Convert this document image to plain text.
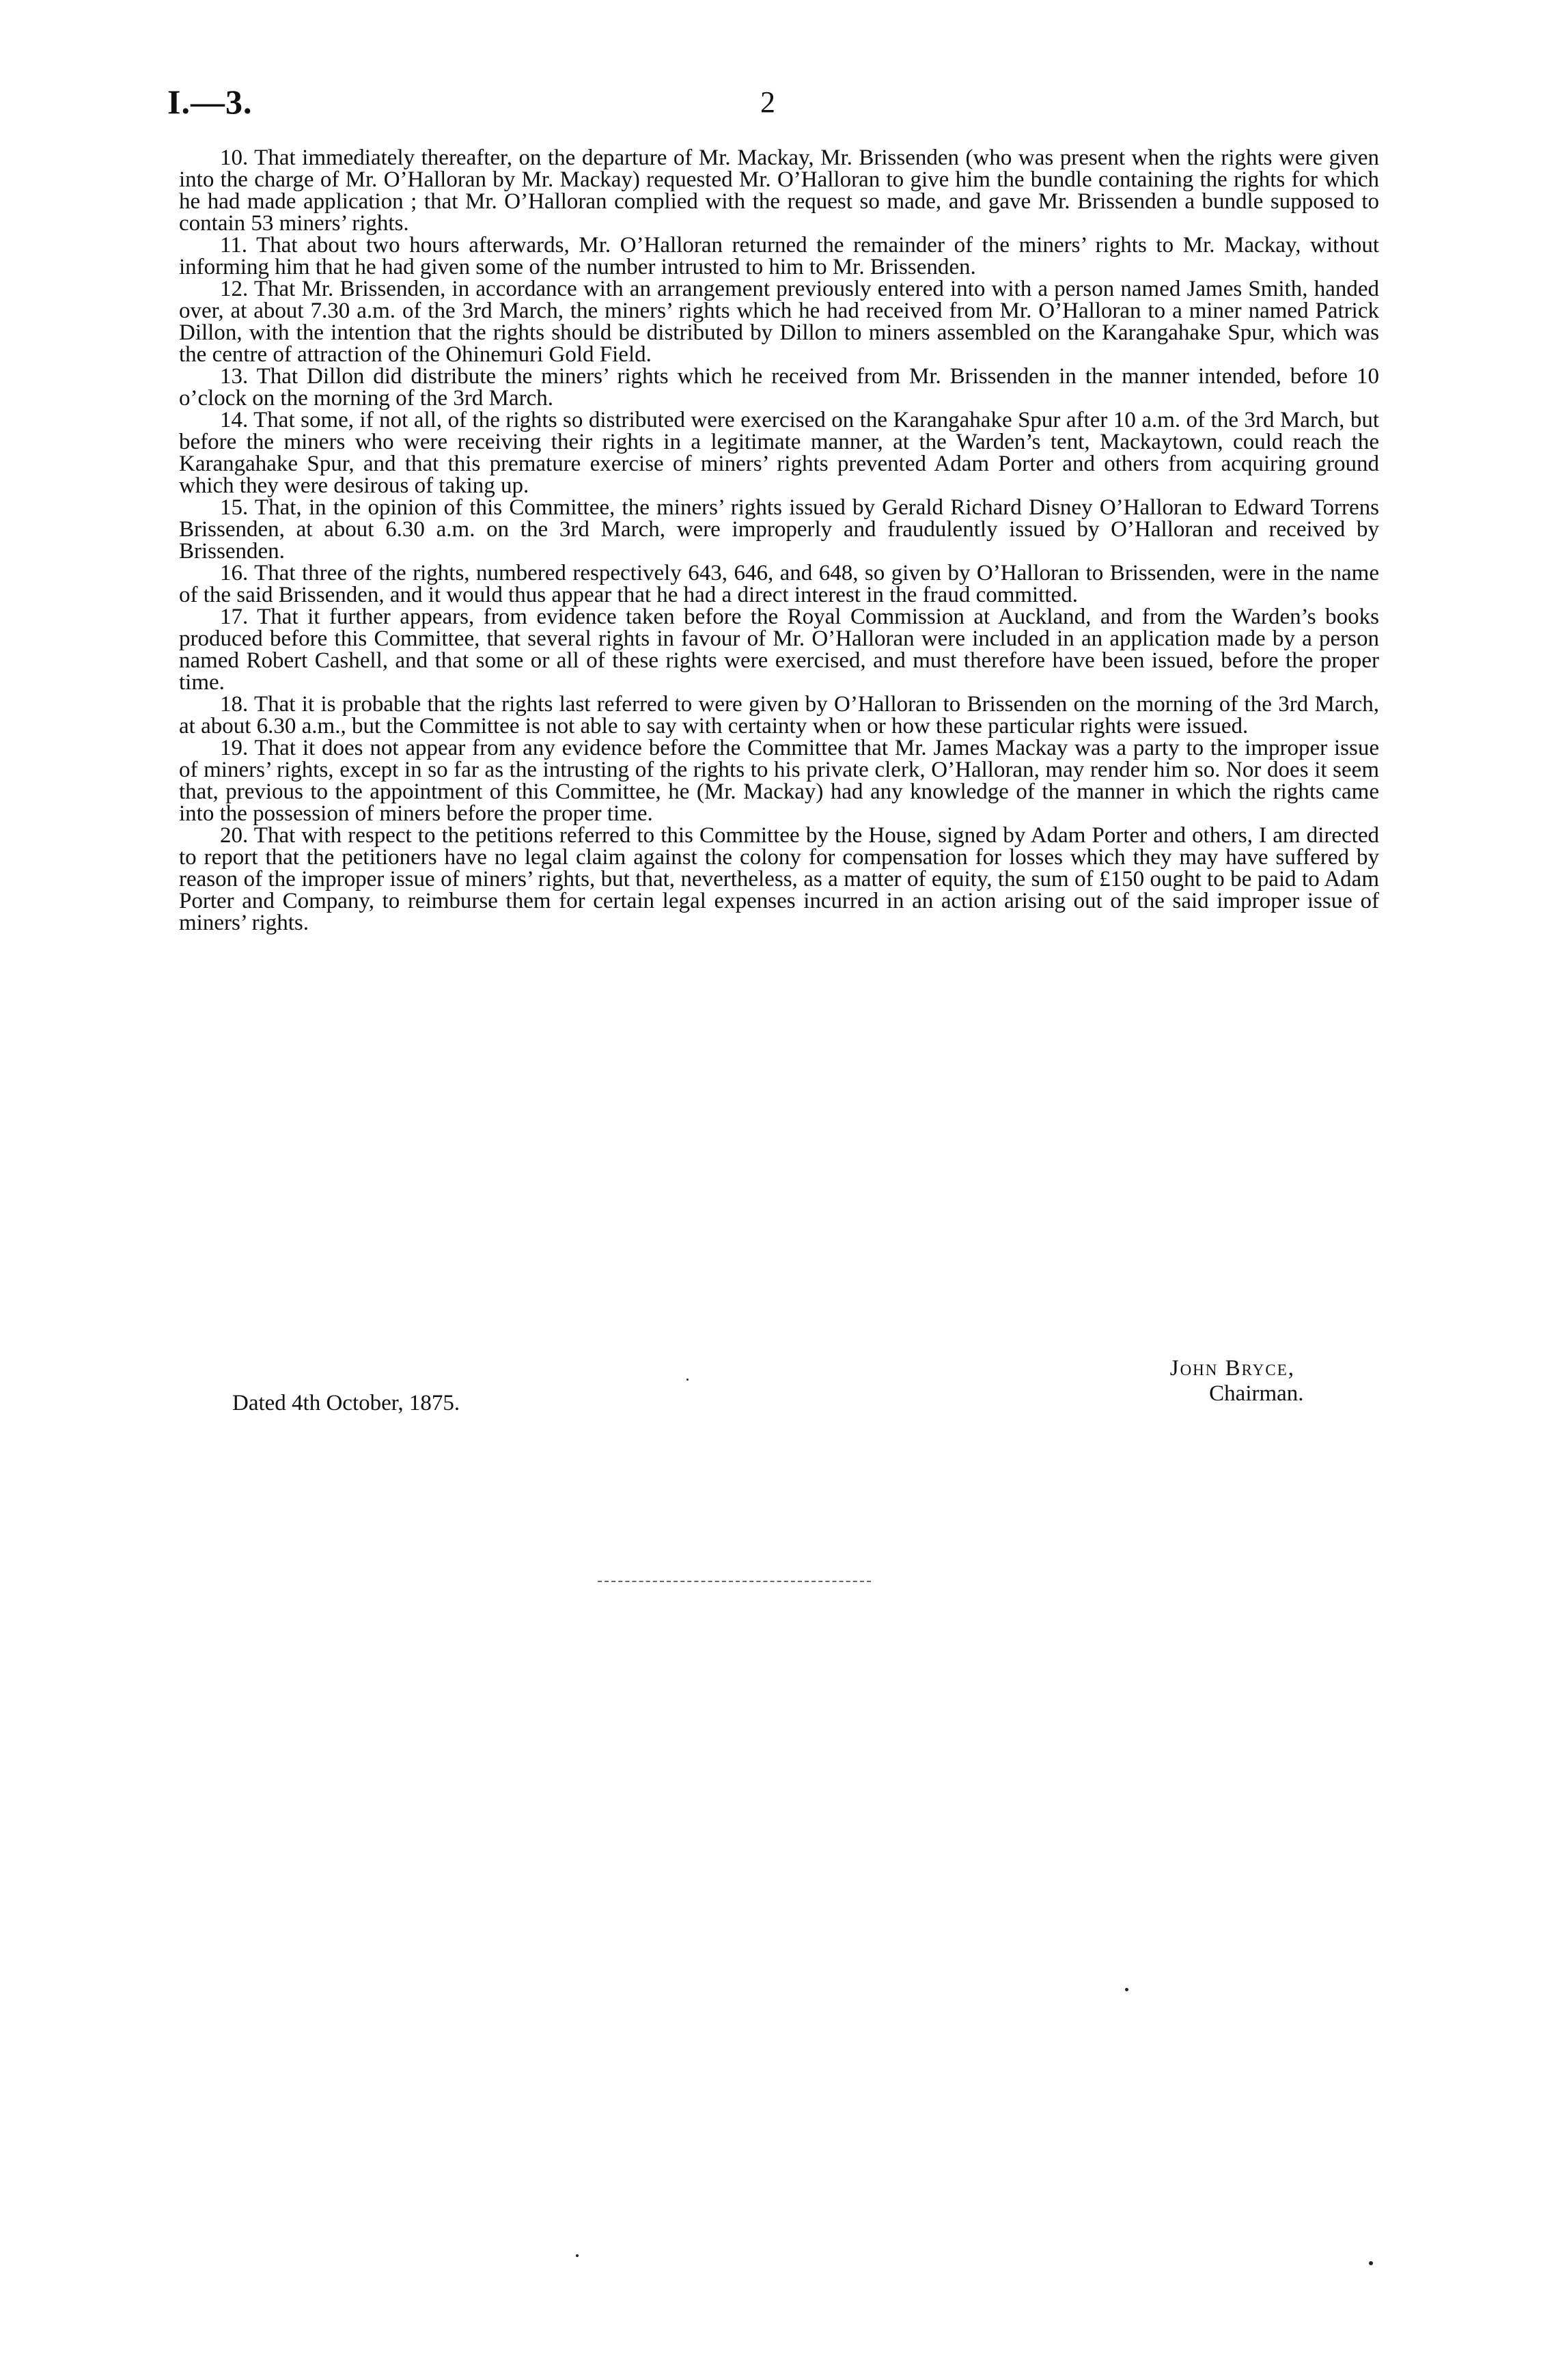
I.—3.	2

10. That immediately thereafter, on the departure of Mr. Mackay, Mr. Brissenden (who was present when the rights were given into the charge of Mr. O’Halloran by Mr. Mackay) requested Mr. O’Halloran to give him the bundle containing the rights for which he had made application ; that Mr. O’Halloran complied with the request so made, and gave Mr. Brissenden a bundle supposed to contain 53 miners’ rights.

11. That about two hours afterwards, Mr. O’Halloran returned the remainder of the miners’ rights to Mr. Mackay, without informing him that he had given some of the number intrusted to him to Mr. Brissenden.

12. That Mr. Brissenden, in accordance with an arrangement previously entered into with a person named James Smith, handed over, at about 7.30 a.m. of the 3rd March, the miners’ rights which he had received from Mr. O’Halloran to a miner named Patrick Dillon, with the intention that the rights should be distributed by Dillon to miners assembled on the Karangahake Spur, which was the centre of attraction of the Ohinemuri Gold Field.

13. That Dillon did distribute the miners’ rights which he received from Mr. Brissenden in the manner intended, before 10 o’clock on the morning of the 3rd March.

14. That some, if not all, of the rights so distributed were exercised on the Karangahake Spur after 10 a.m. of the 3rd March, but before the miners who were receiving their rights in a legitimate manner, at the Warden’s tent, Mackaytown, could reach the Karangahake Spur, and that this premature exercise of miners’ rights prevented Adam Porter and others from acquiring ground which they were desirous of taking up.

15. That, in the opinion of this Committee, the miners’ rights issued by Gerald Richard Disney O’Halloran to Edward Torrens Brissenden, at about 6.30 a.m. on the 3rd March, were improperly and fraudulently issued by O’Halloran and received by Brissenden.

16. That three of the rights, numbered respectively 643, 646, and 648, so given by O’Halloran to Brissenden, were in the name of the said Brissenden, and it would thus appear that he had a direct interest in the fraud committed.

17. That it further appears, from evidence taken before the Royal Commission at Auckland, and from the Warden’s books produced before this Committee, that several rights in favour of Mr. O’Halloran were included in an application made by a person named Robert Cashell, and that some or all of these rights were exercised, and must therefore have been issued, before the proper time.

18. That it is probable that the rights last referred to were given by O’Halloran to Brissenden on the morning of the 3rd March, at about 6.30 a.m., but the Committee is not able to say with certainty when or how these particular rights were issued.

19. That it does not appear from any evidence before the Committee that Mr. James Mackay was a party to the improper issue of miners’ rights, except in so far as the intrusting of the rights to his private clerk, O’Halloran, may render him so. Nor does it seem that, previous to the appointment of this Committee, he (Mr. Mackay) had any knowledge of the manner in which the rights came into the possession of miners before the proper time.

20. That with respect to the petitions referred to this Committee by the House, signed by Adam Porter and others, I am directed to report that the petitioners have no legal claim against the colony for compensation for losses which they may have suffered by reason of the improper issue of miners’ rights, but that, nevertheless, as a matter of equity, the sum of £150 ought to be paid to Adam Porter and Company, to reimburse them for certain legal expenses incurred in an action arising out of the said improper issue of miners’ rights.

John Bryce,
Chairman.
Dated 4th October, 1875.
